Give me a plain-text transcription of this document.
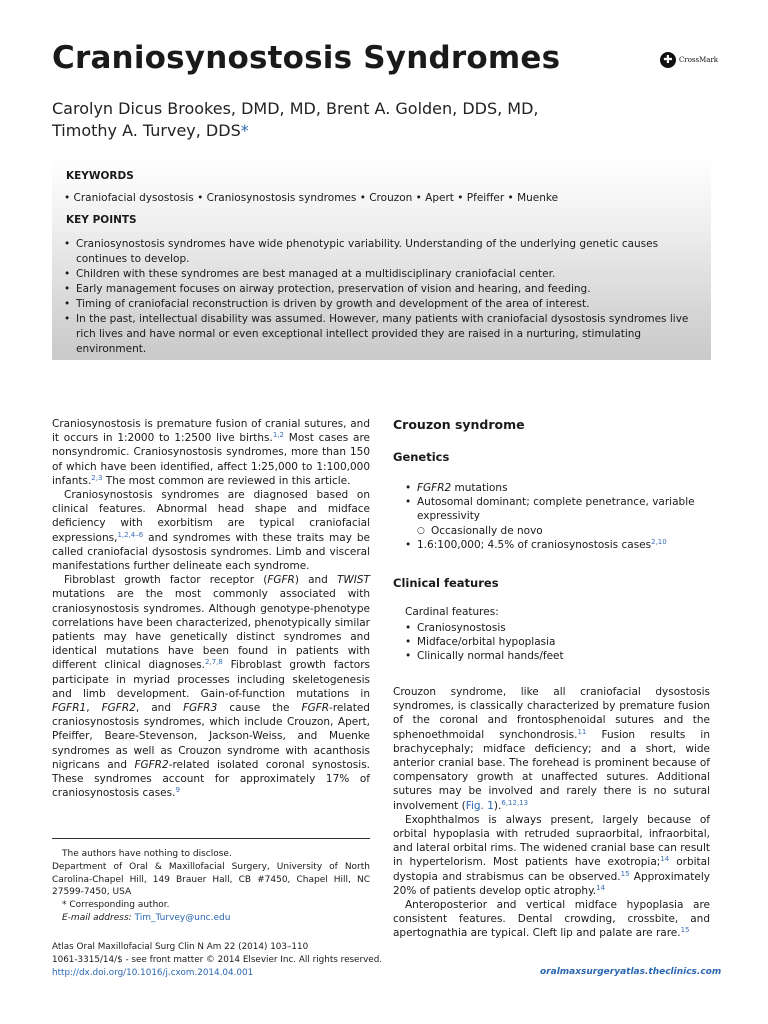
Craniosynostosis Syndromes	✚ CrossMark
Carolyn Dicus Brookes, DMD, MD, Brent A. Golden, DDS, MD,
Timothy A. Turvey, DDS*
KEYWORDS
• Craniofacial dysostosis • Craniosynostosis syndromes • Crouzon • Apert • Pfeiffer • Muenke
KEY POINTS
• Craniosynostosis syndromes have wide phenotypic variability. Understanding of the underlying genetic causes continues to develop.
• Children with these syndromes are best managed at a multidisciplinary craniofacial center.
• Early management focuses on airway protection, preservation of vision and hearing, and feeding.
• Timing of craniofacial reconstruction is driven by growth and development of the area of interest.
• In the past, intellectual disability was assumed. However, many patients with craniofacial dysostosis syndromes live rich lives and have normal or even exceptional intellect provided they are raised in a nurturing, stimulating environment.

Craniosynostosis is premature fusion of cranial sutures, and it occurs in 1:2000 to 1:2500 live births.$^{1,2}$ Most cases are nonsyndromic. Craniosynostosis syndromes, more than 150 of which have been identified, affect 1:25,000 to 1:100,000 infants.$^{2,3}$ The most common are reviewed in this article.

Craniosynostosis syndromes are diagnosed based on clinical features. Abnormal head shape and midface deficiency with exorbitism are typical craniofacial expressions,$^{1,2,4-6}$ and syndromes with these traits may be called craniofacial dysostosis syndromes. Limb and visceral manifestations further delineate each syndrome.

Fibroblast growth factor receptor (FGFR) and TWIST mutations are the most commonly associated with craniosynostosis syndromes. Although genotype-phenotype correlations have been characterized, phenotypically similar patients may have genetically distinct syndromes and identical mutations have been found in patients with different clinical diagnoses.$^{2,7,8}$ Fibroblast growth factors participate in myriad processes including skeletogenesis and limb development. Gain-of-function mutations in FGFR1, FGFR2, and FGFR3 cause the FGFR-related craniosynostosis syndromes, which include Crouzon, Apert, Pfeiffer, Beare-Stevenson, Jackson-Weiss, and Muenke syndromes as well as Crouzon syndrome with acanthosis nigricans and FGFR2-related isolated coronal synostosis. These syndromes account for approximately 17% of craniosynostosis cases.$^9$

The authors have nothing to disclose.

Department of Oral & Maxillofacial Surgery, University of North Carolina-Chapel Hill, 149 Brauer Hall, CB #7450, Chapel Hill, NC 27599-7450, USA

* Corresponding author.

E-mail address: Tim_Turvey@unc.edu

Crouzon syndrome
Genetics
• FGFR2 mutations
• Autosomal dominant; complete penetrance, variable expressivity
○ Occasionally de novo
• 1.6:100,000; 4.5% of craniosynostosis cases$^{2,10}$
Clinical features
Cardinal features:
• Craniosynostosis
• Midface/orbital hypoplasia
• Clinically normal hands/feet

Crouzon syndrome, like all craniofacial dysostosis syndromes, is classically characterized by premature fusion of the coronal and frontosphenoidal sutures and the sphenoethmoidal synchondrosis.$^{11}$ Fusion results in brachycephaly; midface deficiency; and a short, wide anterior cranial base. The forehead is prominent because of compensatory growth at unaffected sutures. Additional sutures may be involved and rarely there is no sutural involvement (Fig. 1).$^{6,12,13}$

Exophthalmos is always present, largely because of orbital hypoplasia with retruded supraorbital, infraorbital, and lateral orbital rims. The widened cranial base can result in hypertelorism. Most patients have exotropia;$^{14}$ orbital dystopia and strabismus can be observed.$^{15}$ Approximately 20% of patients develop optic atrophy.$^{14}$

Anteroposterior and vertical midface hypoplasia are consistent features. Dental crowding, crossbite, and apertognathia are typical. Cleft lip and palate are rare.$^{15}$

Atlas Oral Maxillofacial Surg Clin N Am 22 (2014) 103–110
1061-3315/14/$ - see front matter © 2014 Elsevier Inc. All rights reserved.
http://dx.doi.org/10.1016/j.cxom.2014.04.001	oralmaxsurgeryatlas.theclinics.com
